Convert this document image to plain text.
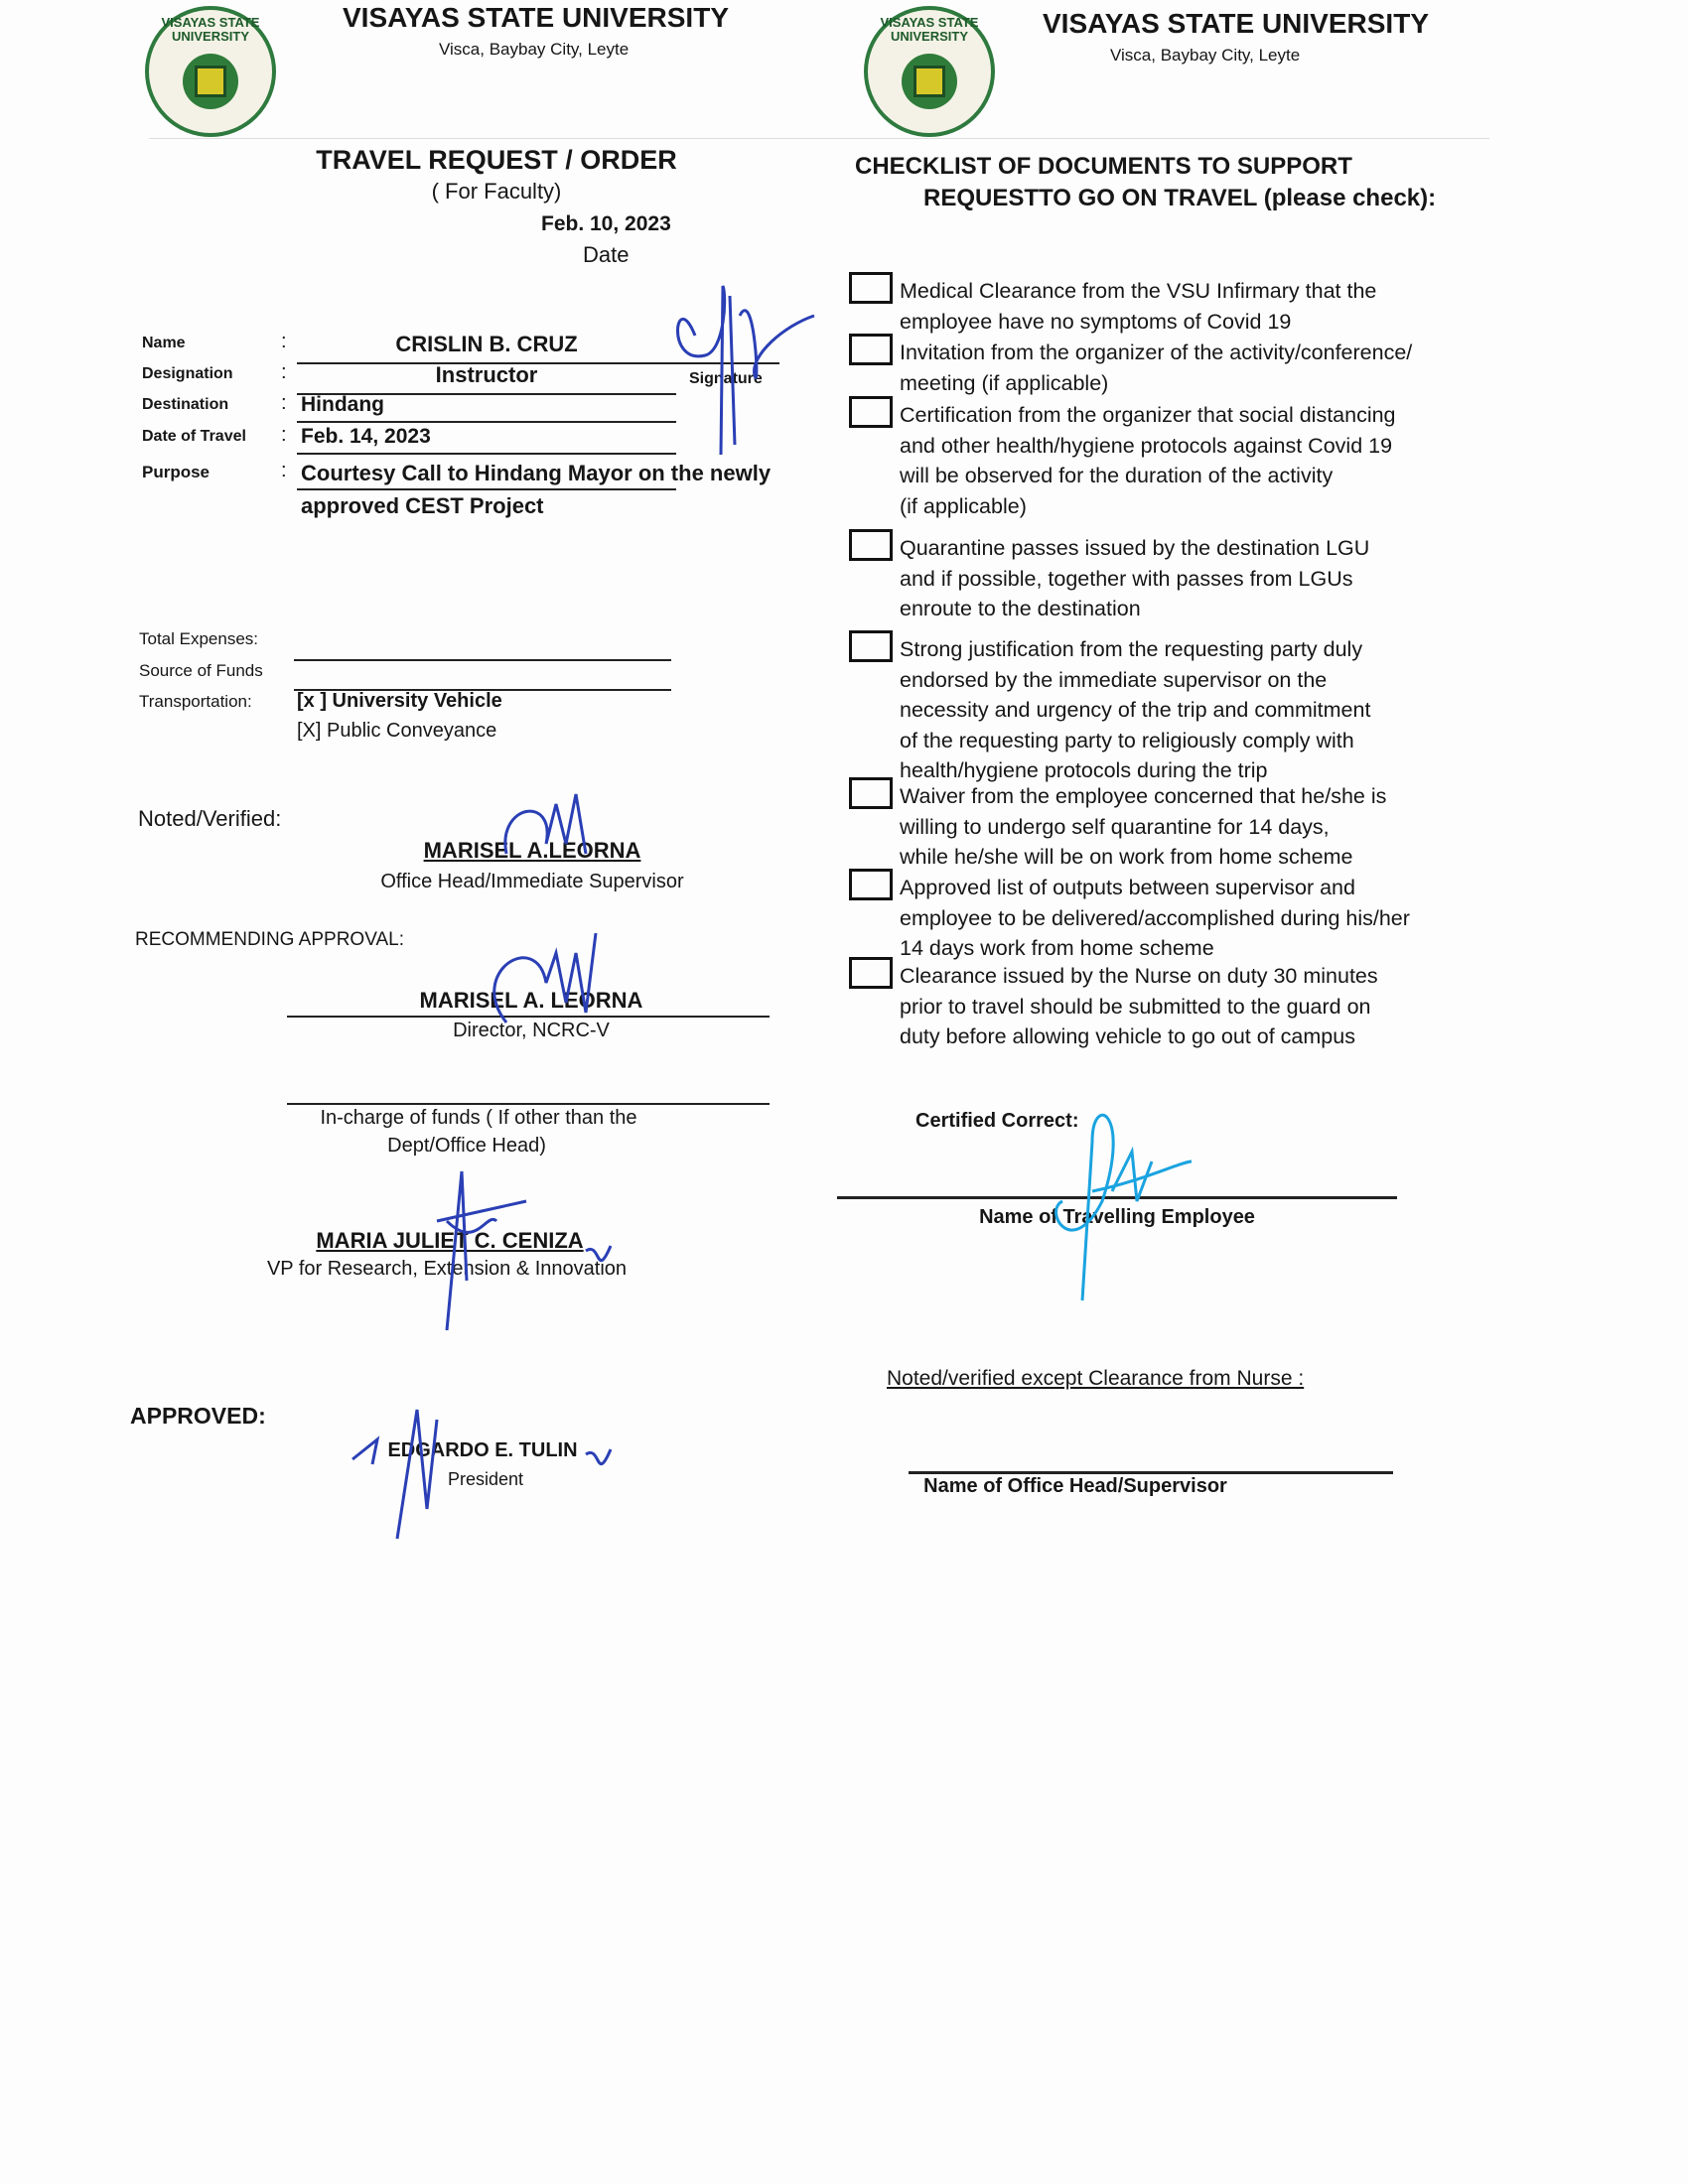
VISAYAS STATE UNIVERSITY
VISAYAS STATE UNIVERSITY
Visca, Baybay City, Leyte
VISAYAS STATE UNIVERSITY	VISAYAS STATE UNIVERSITY
Visca, Baybay City, Leyte
TRAVEL REQUEST / ORDER
( For Faculty)
Feb. 10, 2023
Date
Name	:	CRISLIN B. CRUZ
Signature
Designation :	Instructor
Destination	: Hindang
Date of Travel : Feb. 14, 2023
Purpose	: Courtesy Call to Hindang Mayor on the newly
approved CEST Project
Total Expenses:
Source of Funds
Transportation: [x ] University Vehicle
[X] Public Conveyance
Noted/Verified:
MARISEL A.LEORNA
Office Head/Immediate Supervisor
RECOMMENDING APPROVAL:
MARISEL A. LEORNA
Director, NCRC-V
In-charge of funds ( If other than the
Dept/Office Head)
MARIA JULIET C. CENIZA
VP for Research, Extension & Innovation
APPROVED:
EDGARDO E. TULIN
President
CHECKLIST OF DOCUMENTS TO SUPPORT
REQUESTTO GO ON TRAVEL (please check):
Medical Clearance from the VSU Infirmary that the
employee have no symptoms of Covid 19
Invitation from the organizer of the activity/conference/
meeting (if applicable)
Certification from the organizer that social distancing
and other health/hygiene protocols against Covid 19
will be observed for the duration of the activity
(if applicable)
Quarantine passes issued by the destination LGU
and if possible, together with passes from LGUs
enroute to the destination
Strong justification from the requesting party duly
endorsed by the immediate supervisor on the
necessity and urgency of the trip and commitment
of the requesting party to religiously comply with
health/hygiene protocols during the trip
Waiver from the employee concerned that he/she is
willing to undergo self quarantine for 14 days,
while he/she will be on work from home scheme
Approved list of outputs between supervisor and
employee to be delivered/accomplished during his/her
14 days work from home scheme
Clearance issued by the Nurse on duty 30 minutes
prior to travel should be submitted to the guard on
duty before allowing vehicle to go out of campus
Certified Correct:
Name of Travelling Employee
Noted/verified except Clearance from Nurse :
Name of Office Head/Supervisor
